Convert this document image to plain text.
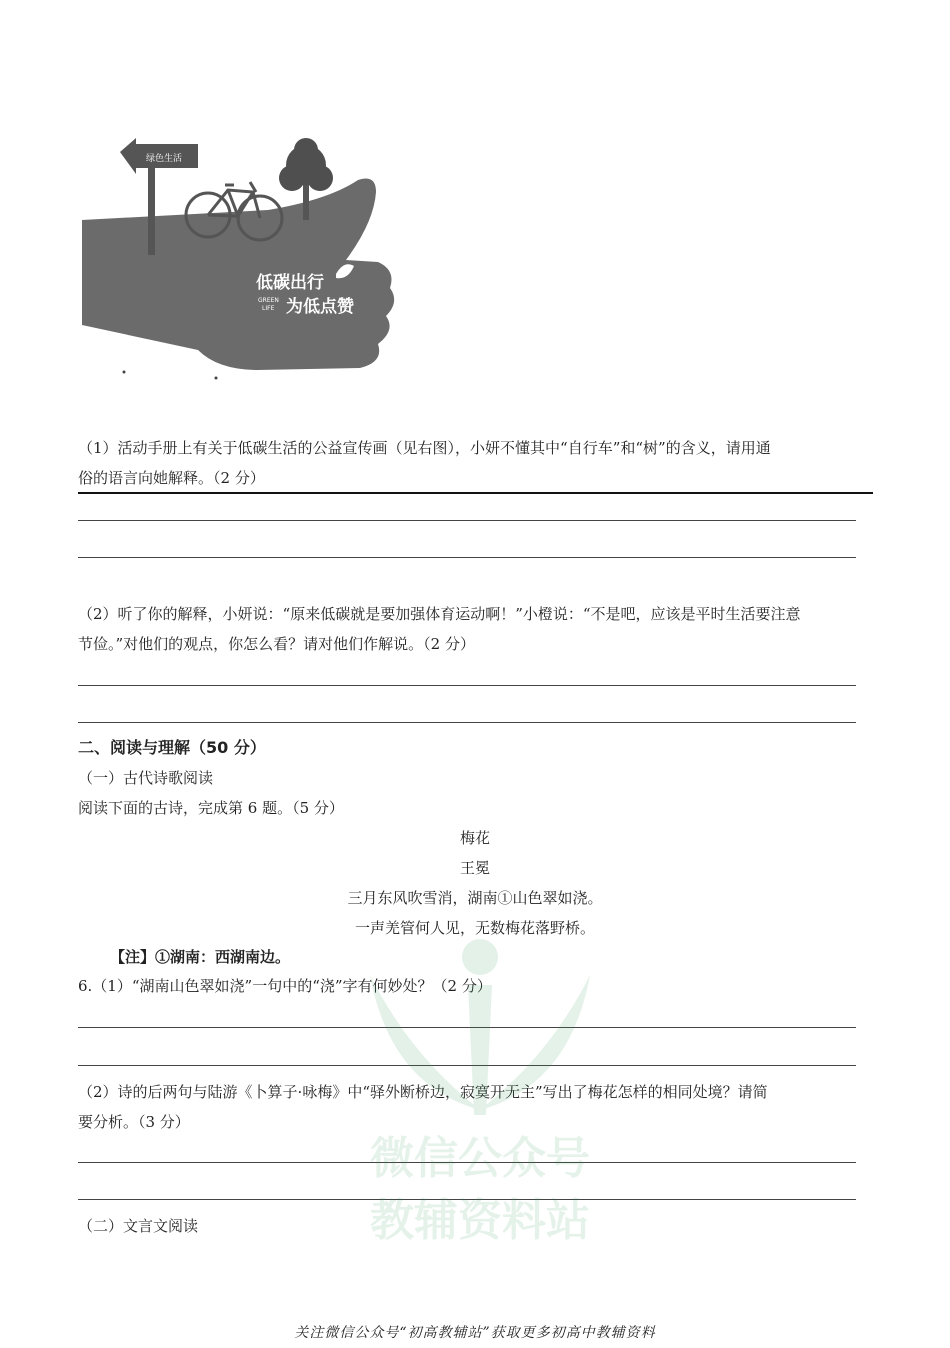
绿色生活
低碳出行
GREEN
LIFE 为低点赞
（1）活动手册上有关于低碳生活的公益宣传画（见右图），小妍不懂其中“自行车”和“树”的含义，请用通
俗的语言向她解释。（2 分）
（2）听了你的解释，小妍说：“原来低碳就是要加强体育运动啊！”小橙说：“不是吧，应该是平时生活要注意
节俭。”对他们的观点，你怎么看？请对他们作解说。（2 分）
二、阅读与理解（50 分）
（一）古代诗歌阅读
阅读下面的古诗，完成第 6 题。（5 分）
梅花
王冕
三月东风吹雪消，湖南①山色翠如浇。
一声羌管何人见，无数梅花落野桥。
【注】①湖南：西湖南边。
6.（1）“湖南山色翠如浇”一句中的“浇”字有何妙处？（2 分）
（2）诗的后两句与陆游《卜算子·咏梅》中“驿外断桥边，寂寞开无主”写出了梅花怎样的相同处境？请简
要分析。（3 分）
（二）文言文阅读
微信公众号
教辅资料站
关注微信公众号“初高教辅站”获取更多初高中教辅资料
